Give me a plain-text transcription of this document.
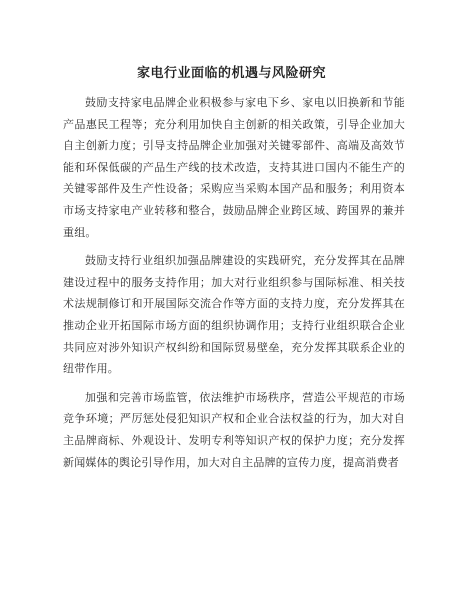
家电行业面临的机遇与风险研究

鼓励支持家电品牌企业积极参与家电下乡、家电以旧换新和节能产品惠民工程等；充分利用加快自主创新的相关政策，引导企业加大自主创新力度；引导支持品牌企业加强对关键零部件、高端及高效节能和环保低碳的产品生产线的技术改造，支持其进口国内不能生产的关键零部件及生产性设备；采购应当采购本国产品和服务；利用资本市场支持家电产业转移和整合，鼓励品牌企业跨区域、跨国界的兼并重组。

鼓励支持行业组织加强品牌建设的实践研究，充分发挥其在品牌建设过程中的服务支持作用；加大对行业组织参与国际标准、相关技术法规制修订和开展国际交流合作等方面的支持力度，充分发挥其在推动企业开拓国际市场方面的组织协调作用；支持行业组织联合企业共同应对涉外知识产权纠纷和国际贸易壁垒，充分发挥其联系企业的纽带作用。

加强和完善市场监管，依法维护市场秩序，营造公平规范的市场竞争环境；严厉惩处侵犯知识产权和企业合法权益的行为，加大对自主品牌商标、外观设计、发明专利等知识产权的保护力度；充分发挥新闻媒体的舆论引导作用，加大对自主品牌的宣传力度，提高消费者
